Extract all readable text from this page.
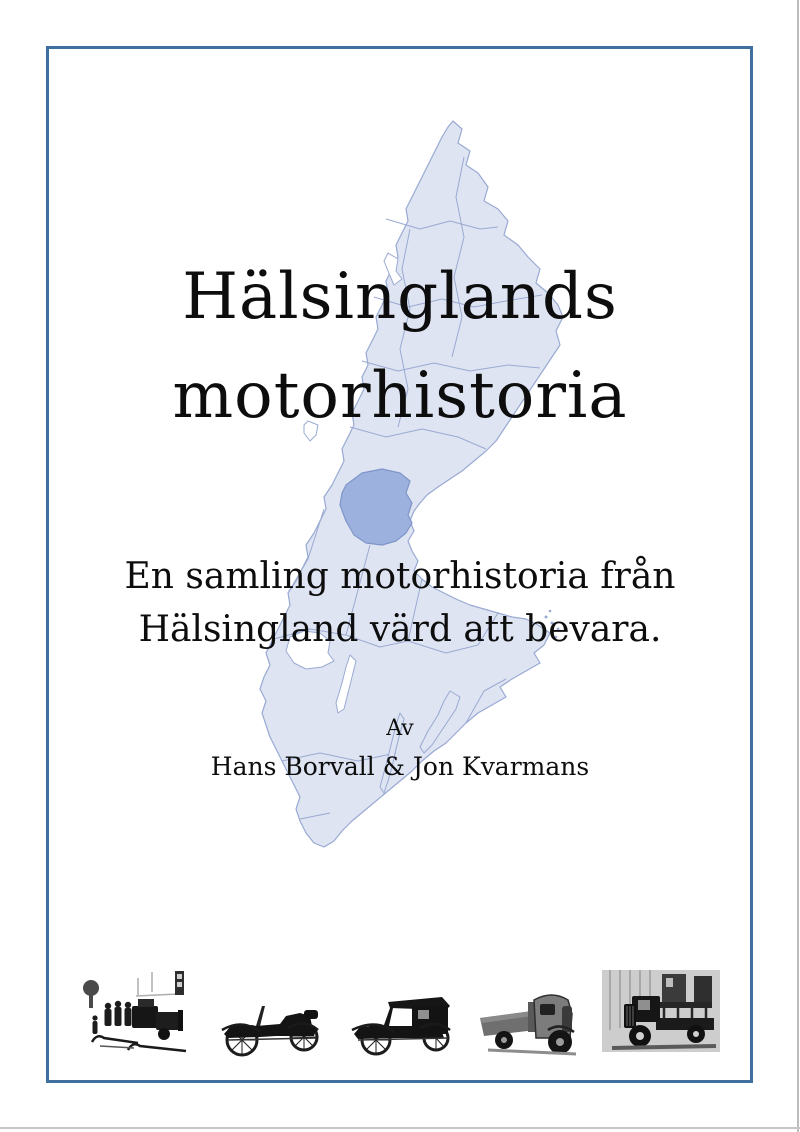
Hälsinglands
motorhistoria
En samling motorhistoria från
Hälsingland värd att bevara.
Av
Hans Borvall & Jon Kvarmans
